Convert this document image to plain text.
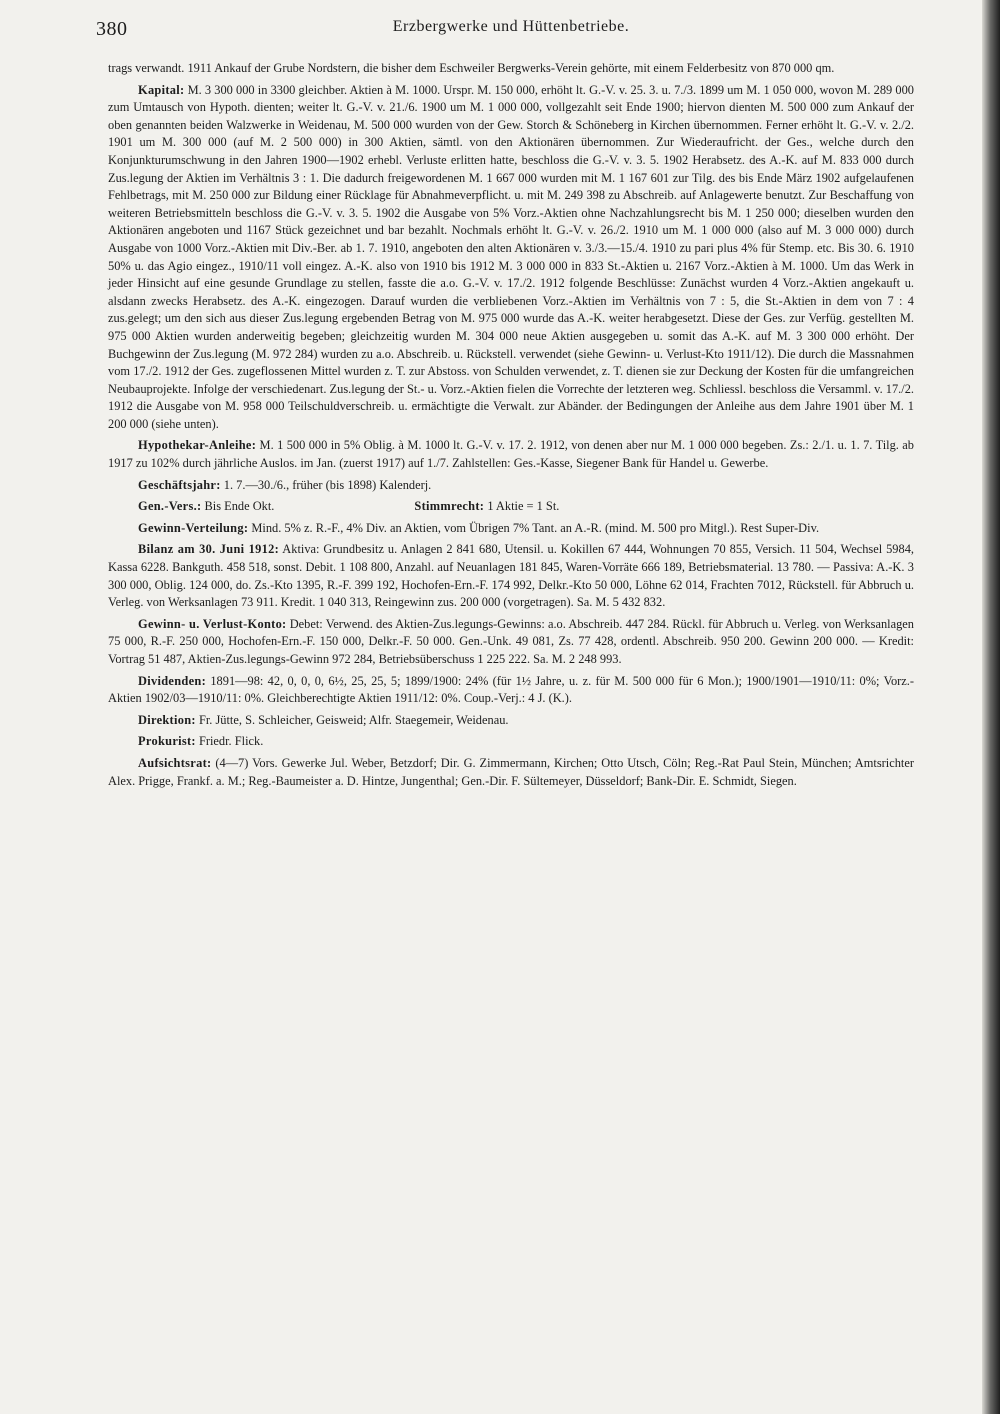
380	Erzbergwerke und Hüttenbetriebe.

trags verwandt. 1911 Ankauf der Grube Nordstern, die bisher dem Eschweiler Bergwerks-Verein gehörte, mit einem Felderbesitz von 870 000 qm.

Kapital: M. 3 300 000 in 3300 gleichber. Aktien à M. 1000. Urspr. M. 150 000, erhöht lt. G.-V. v. 25. 3. u. 7./3. 1899 um M. 1 050 000, wovon M. 289 000 zum Umtausch von Hypoth. dienten; weiter lt. G.-V. v. 21./6. 1900 um M. 1 000 000, vollgezahlt seit Ende 1900; hiervon dienten M. 500 000 zum Ankauf der oben genannten beiden Walzwerke in Weidenau, M. 500 000 wurden von der Gew. Storch & Schöneberg in Kirchen übernommen. Ferner erhöht lt. G.-V. v. 2./2. 1901 um M. 300 000 (auf M. 2 500 000) in 300 Aktien, sämtl. von den Aktionären übernommen. Zur Wiederaufricht. der Ges., welche durch den Konjunkturumschwung in den Jahren 1900—1902 erhebl. Verluste erlitten hatte, beschloss die G.-V. v. 3. 5. 1902 Herabsetz. des A.-K. auf M. 833 000 durch Zus.legung der Aktien im Verhältnis 3 : 1. Die dadurch freigewordenen M. 1 667 000 wurden mit M. 1 167 601 zur Tilg. des bis Ende März 1902 aufgelaufenen Fehlbetrags, mit M. 250 000 zur Bildung einer Rücklage für Abnahmeverpflicht. u. mit M. 249 398 zu Abschreib. auf Anlagewerte benutzt. Zur Beschaffung von weiteren Betriebsmitteln beschloss die G.-V. v. 3. 5. 1902 die Ausgabe von 5% Vorz.-Aktien ohne Nachzahlungsrecht bis M. 1 250 000; dieselben wurden den Aktionären angeboten und 1167 Stück gezeichnet und bar bezahlt. Nochmals erhöht lt. G.-V. v. 26./2. 1910 um M. 1 000 000 (also auf M. 3 000 000) durch Ausgabe von 1000 Vorz.-Aktien mit Div.-Ber. ab 1. 7. 1910, angeboten den alten Aktionären v. 3./3.—15./4. 1910 zu pari plus 4% für Stemp. etc. Bis 30. 6. 1910 50% u. das Agio eingez., 1910/11 voll eingez. A.-K. also von 1910 bis 1912 M. 3 000 000 in 833 St.-Aktien u. 2167 Vorz.-Aktien à M. 1000. Um das Werk in jeder Hinsicht auf eine gesunde Grundlage zu stellen, fasste die a.o. G.-V. v. 17./2. 1912 folgende Beschlüsse: Zunächst wurden 4 Vorz.-Aktien angekauft u. alsdann zwecks Herabsetz. des A.-K. eingezogen. Darauf wurden die verbliebenen Vorz.-Aktien im Verhältnis von 7 : 5, die St.-Aktien in dem von 7 : 4 zus.gelegt; um den sich aus dieser Zus.legung ergebenden Betrag von M. 975 000 wurde das A.-K. weiter herabgesetzt. Diese der Ges. zur Verfüg. gestellten M. 975 000 Aktien wurden anderweitig begeben; gleichzeitig wurden M. 304 000 neue Aktien ausgegeben u. somit das A.-K. auf M. 3 300 000 erhöht. Der Buchgewinn der Zus.legung (M. 972 284) wurden zu a.o. Abschreib. u. Rückstell. verwendet (siehe Gewinn- u. Verlust-Kto 1911/12). Die durch die Massnahmen vom 17./2. 1912 der Ges. zugeflossenen Mittel wurden z. T. zur Abstoss. von Schulden verwendet, z. T. dienen sie zur Deckung der Kosten für die umfangreichen Neubauprojekte. Infolge der verschiedenart. Zus.legung der St.- u. Vorz.-Aktien fielen die Vorrechte der letzteren weg. Schliessl. beschloss die Versamml. v. 17./2. 1912 die Ausgabe von M. 958 000 Teilschuldverschreib. u. ermächtigte die Verwalt. zur Abänder. der Bedingungen der Anleihe aus dem Jahre 1901 über M. 1 200 000 (siehe unten).

Hypothekar-Anleihe: M. 1 500 000 in 5% Oblig. à M. 1000 lt. G.-V. v. 17. 2. 1912, von denen aber nur M. 1 000 000 begeben. Zs.: 2./1. u. 1. 7. Tilg. ab 1917 zu 102% durch jährliche Auslos. im Jan. (zuerst 1917) auf 1./7. Zahlstellen: Ges.-Kasse, Siegener Bank für Handel u. Gewerbe.

Geschäftsjahr: 1. 7.—30./6., früher (bis 1898) Kalenderj.

Gen.-Vers.: Bis Ende Okt.	Stimmrecht: 1 Aktie = 1 St.

Gewinn-Verteilung: Mind. 5% z. R.-F., 4% Div. an Aktien, vom Übrigen 7% Tant. an A.-R. (mind. M. 500 pro Mitgl.). Rest Super-Div.

Bilanz am 30. Juni 1912: Aktiva: Grundbesitz u. Anlagen 2 841 680, Utensil. u. Kokillen 67 444, Wohnungen 70 855, Versich. 11 504, Wechsel 5984, Kassa 6228. Bankguth. 458 518, sonst. Debit. 1 108 800, Anzahl. auf Neuanlagen 181 845, Waren-Vorräte 666 189, Betriebsmaterial. 13 780. — Passiva: A.-K. 3 300 000, Oblig. 124 000, do. Zs.-Kto 1395, R.-F. 399 192, Hochofen-Ern.-F. 174 992, Delkr.-Kto 50 000, Löhne 62 014, Frachten 7012, Rückstell. für Abbruch u. Verleg. von Werksanlagen 73 911. Kredit. 1 040 313, Reingewinn zus. 200 000 (vorgetragen). Sa. M. 5 432 832.

Gewinn- u. Verlust-Konto: Debet: Verwend. des Aktien-Zus.legungs-Gewinns: a.o. Abschreib. 447 284. Rückl. für Abbruch u. Verleg. von Werksanlagen 75 000, R.-F. 250 000, Hochofen-Ern.-F. 150 000, Delkr.-F. 50 000. Gen.-Unk. 49 081, Zs. 77 428, ordentl. Abschreib. 950 200. Gewinn 200 000. — Kredit: Vortrag 51 487, Aktien-Zus.legungs-Gewinn 972 284, Betriebsüberschuss 1 225 222. Sa. M. 2 248 993.

Dividenden: 1891—98: 42, 0, 0, 0, 6½, 25, 25, 5; 1899/1900: 24% (für 1½ Jahre, u. z. für M. 500 000 für 6 Mon.); 1900/1901—1910/11: 0%; Vorz.-Aktien 1902/03—1910/11: 0%. Gleichberechtigte Aktien 1911/12: 0%. Coup.-Verj.: 4 J. (K.).

Direktion: Fr. Jütte, S. Schleicher, Geisweid; Alfr. Staegemeir, Weidenau.

Prokurist: Friedr. Flick.

Aufsichtsrat: (4—7) Vors. Gewerke Jul. Weber, Betzdorf; Dir. G. Zimmermann, Kirchen; Otto Utsch, Cöln; Reg.-Rat Paul Stein, München; Amtsrichter Alex. Prigge, Frankf. a. M.; Reg.-Baumeister a. D. Hintze, Jungenthal; Gen.-Dir. F. Sültemeyer, Düsseldorf; Bank-Dir. E. Schmidt, Siegen.
